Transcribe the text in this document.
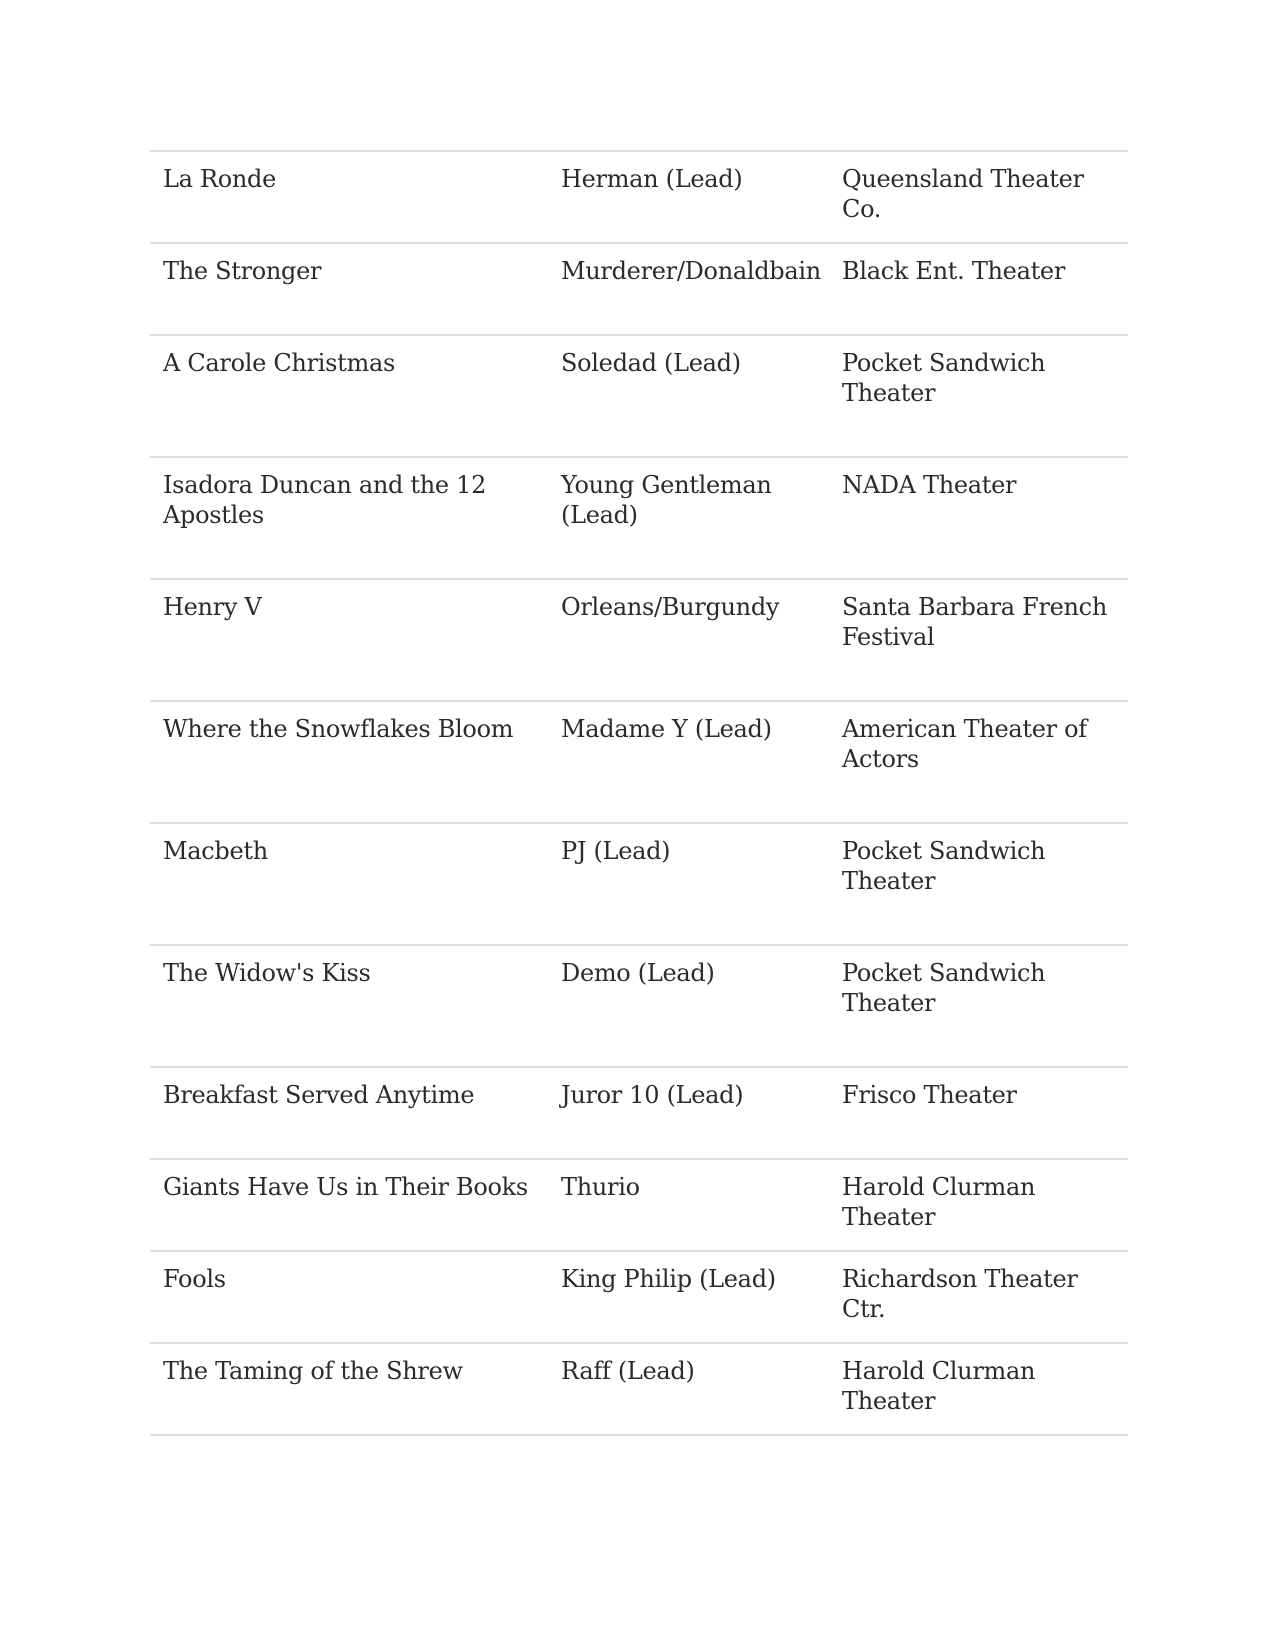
La Ronde	Herman (Lead)	Queensland Theater Co.
The Stronger	Murderer/Donaldbain	Black Ent. Theater
A Carole Christmas	Soledad (Lead)	Pocket Sandwich Theater
Isadora Duncan and the 12 Apostles	Young Gentleman (Lead)	NADA Theater
Henry V	Orleans/Burgundy	Santa Barbara French Festival
Where the Snowflakes Bloom	Madame Y (Lead)	American Theater of Actors
Macbeth	PJ (Lead)	Pocket Sandwich Theater
The Widow's Kiss	Demo (Lead)	Pocket Sandwich Theater
Breakfast Served Anytime	Juror 10 (Lead)	Frisco Theater
Giants Have Us in Their Books	Thurio	Harold Clurman Theater
Fools	King Philip (Lead)	Richardson Theater Ctr.
The Taming of the Shrew	Raff (Lead)	Harold Clurman Theater
